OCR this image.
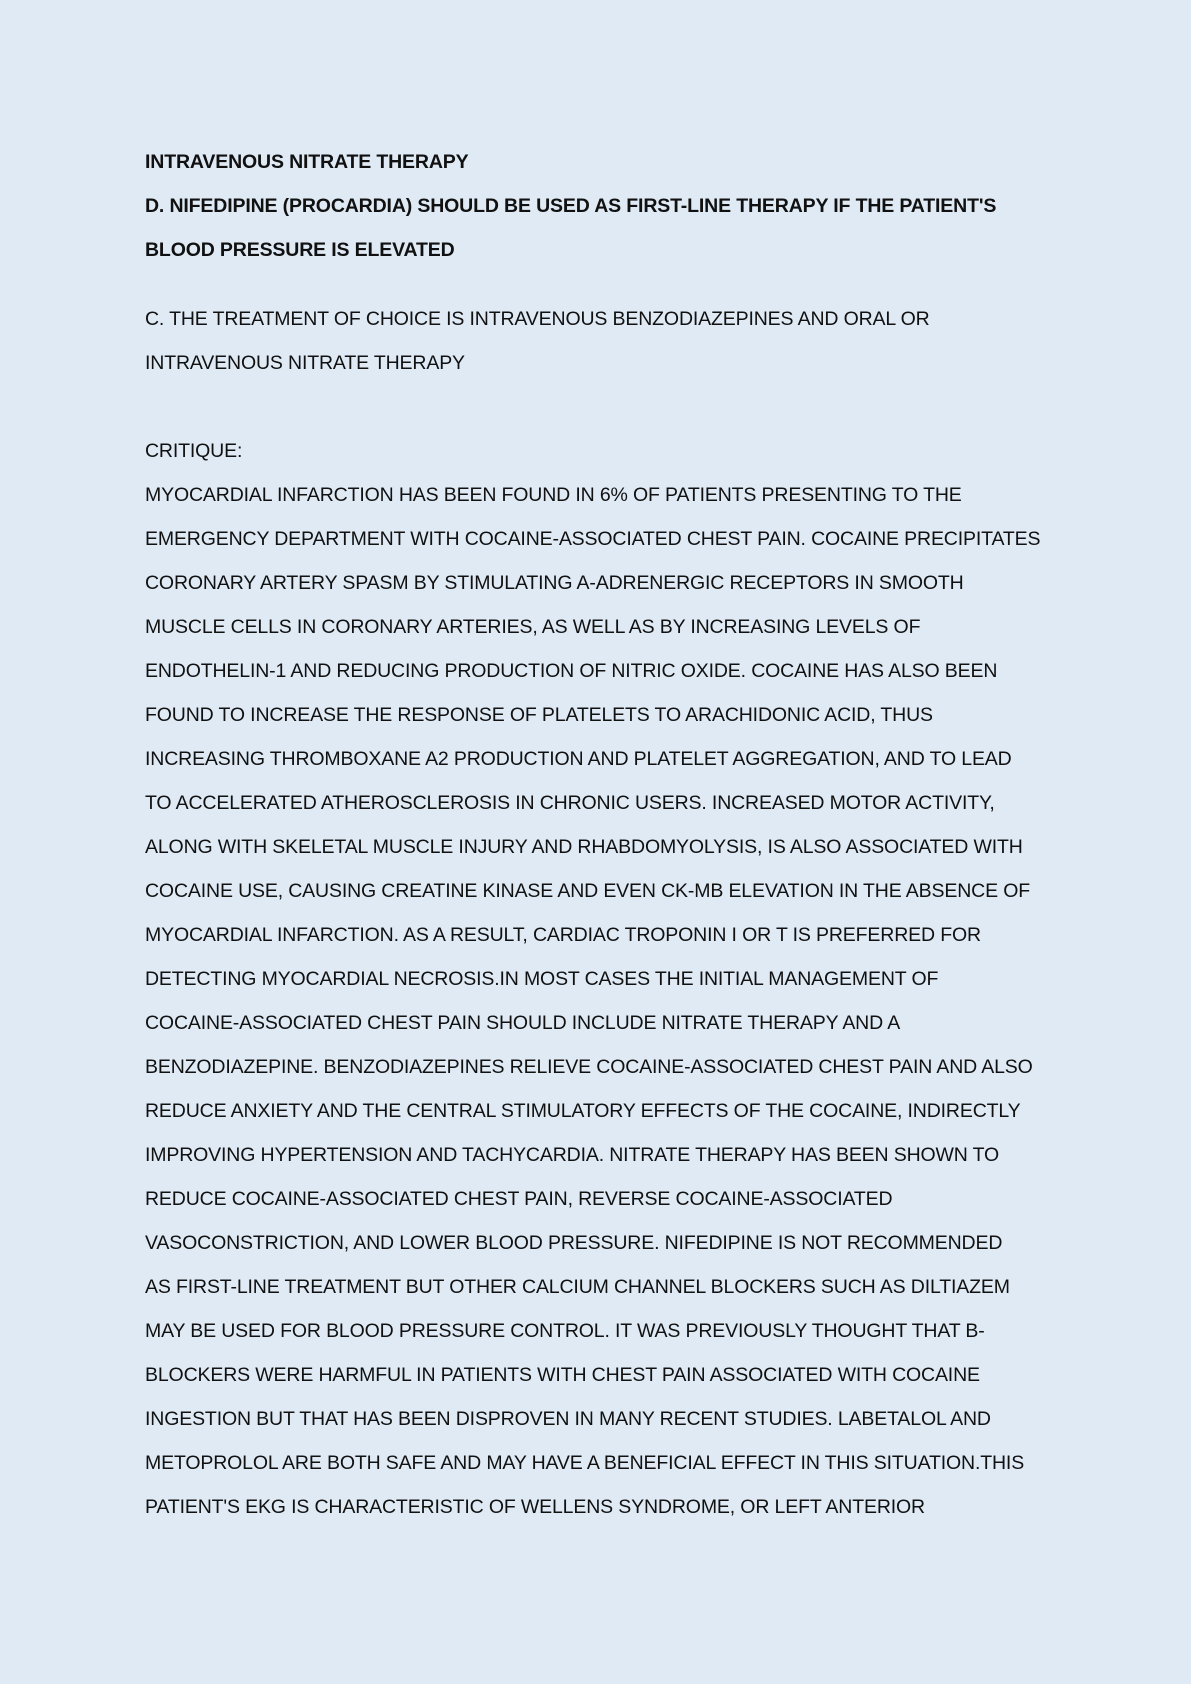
INTRAVENOUS NITRATE THERAPY
D. NIFEDIPINE (PROCARDIA) SHOULD BE USED AS FIRST-LINE THERAPY IF THE PATIENT'S
BLOOD PRESSURE IS ELEVATED
C. THE TREATMENT OF CHOICE IS INTRAVENOUS BENZODIAZEPINES AND ORAL OR
INTRAVENOUS NITRATE THERAPY
CRITIQUE:
MYOCARDIAL INFARCTION HAS BEEN FOUND IN 6% OF PATIENTS PRESENTING TO THE
EMERGENCY DEPARTMENT WITH COCAINE-ASSOCIATED CHEST PAIN. COCAINE PRECIPITATES
CORONARY ARTERY SPASM BY STIMULATING A-ADRENERGIC RECEPTORS IN SMOOTH
MUSCLE CELLS IN CORONARY ARTERIES, AS WELL AS BY INCREASING LEVELS OF
ENDOTHELIN-1 AND REDUCING PRODUCTION OF NITRIC OXIDE. COCAINE HAS ALSO BEEN
FOUND TO INCREASE THE RESPONSE OF PLATELETS TO ARACHIDONIC ACID, THUS
INCREASING THROMBOXANE A2 PRODUCTION AND PLATELET AGGREGATION, AND TO LEAD
TO ACCELERATED ATHEROSCLEROSIS IN CHRONIC USERS. INCREASED MOTOR ACTIVITY,
ALONG WITH SKELETAL MUSCLE INJURY AND RHABDOMYOLYSIS, IS ALSO ASSOCIATED WITH
COCAINE USE, CAUSING CREATINE KINASE AND EVEN CK-MB ELEVATION IN THE ABSENCE OF
MYOCARDIAL INFARCTION. AS A RESULT, CARDIAC TROPONIN I OR T IS PREFERRED FOR
DETECTING MYOCARDIAL NECROSIS.IN MOST CASES THE INITIAL MANAGEMENT OF
COCAINE-ASSOCIATED CHEST PAIN SHOULD INCLUDE NITRATE THERAPY AND A
BENZODIAZEPINE. BENZODIAZEPINES RELIEVE COCAINE-ASSOCIATED CHEST PAIN AND ALSO
REDUCE ANXIETY AND THE CENTRAL STIMULATORY EFFECTS OF THE COCAINE, INDIRECTLY
IMPROVING HYPERTENSION AND TACHYCARDIA. NITRATE THERAPY HAS BEEN SHOWN TO
REDUCE COCAINE-ASSOCIATED CHEST PAIN, REVERSE COCAINE-ASSOCIATED
VASOCONSTRICTION, AND LOWER BLOOD PRESSURE. NIFEDIPINE IS NOT RECOMMENDED
AS FIRST-LINE TREATMENT BUT OTHER CALCIUM CHANNEL BLOCKERS SUCH AS DILTIAZEM
MAY BE USED FOR BLOOD PRESSURE CONTROL. IT WAS PREVIOUSLY THOUGHT THAT B-
BLOCKERS WERE HARMFUL IN PATIENTS WITH CHEST PAIN ASSOCIATED WITH COCAINE
INGESTION BUT THAT HAS BEEN DISPROVEN IN MANY RECENT STUDIES. LABETALOL AND
METOPROLOL ARE BOTH SAFE AND MAY HAVE A BENEFICIAL EFFECT IN THIS SITUATION.THIS
PATIENT'S EKG IS CHARACTERISTIC OF WELLENS SYNDROME, OR LEFT ANTERIOR
